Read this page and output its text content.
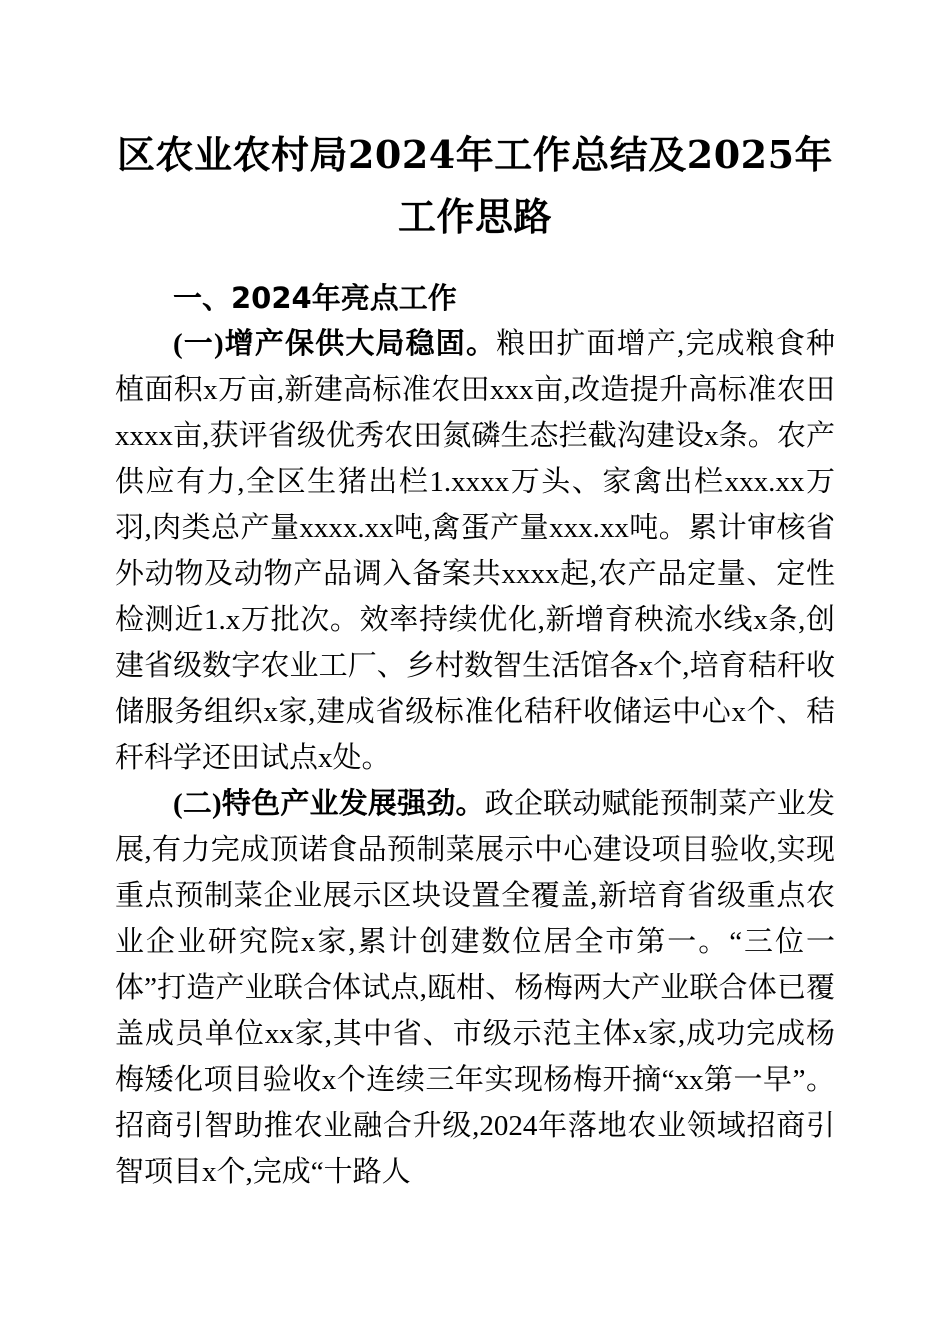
区农业农村局2024年工作总结及2025年工作思路
一、2024年亮点工作

(一)增产保供大局稳固。粮田扩面增产,完成粮食种植面积x万亩,新建高标准农田xxx亩,改造提升高标准农田xxxx亩,获评省级优秀农田氮磷生态拦截沟建设x条。农产供应有力,全区生猪出栏1.xxxx万头、家禽出栏xxx.xx万羽,肉类总产量xxxx.xx吨,禽蛋产量xxx.xx吨。累计审核省外动物及动物产品调入备案共xxxx起,农产品定量、定性检测近1.x万批次。效率持续优化,新增育秧流水线x条,创建省级数字农业工厂、乡村数智生活馆各x个,培育秸秆收储服务组织x家,建成省级标准化秸秆收储运中心x个、秸秆科学还田试点x处。

(二)特色产业发展强劲。政企联动赋能预制菜产业发展,有力完成顶诺食品预制菜展示中心建设项目验收,实现重点预制菜企业展示区块设置全覆盖,新培育省级重点农业企业研究院x家,累计创建数位居全市第一。“三位一体”打造产业联合体试点,瓯柑、杨梅两大产业联合体已覆盖成员单位xx家,其中省、市级示范主体x家,成功完成杨梅矮化项目验收x个连续三年实现杨梅开摘“xx第一早”。招商引智助推农业融合升级,2024年落地农业领域招商引智项目x个,完成“十路人
